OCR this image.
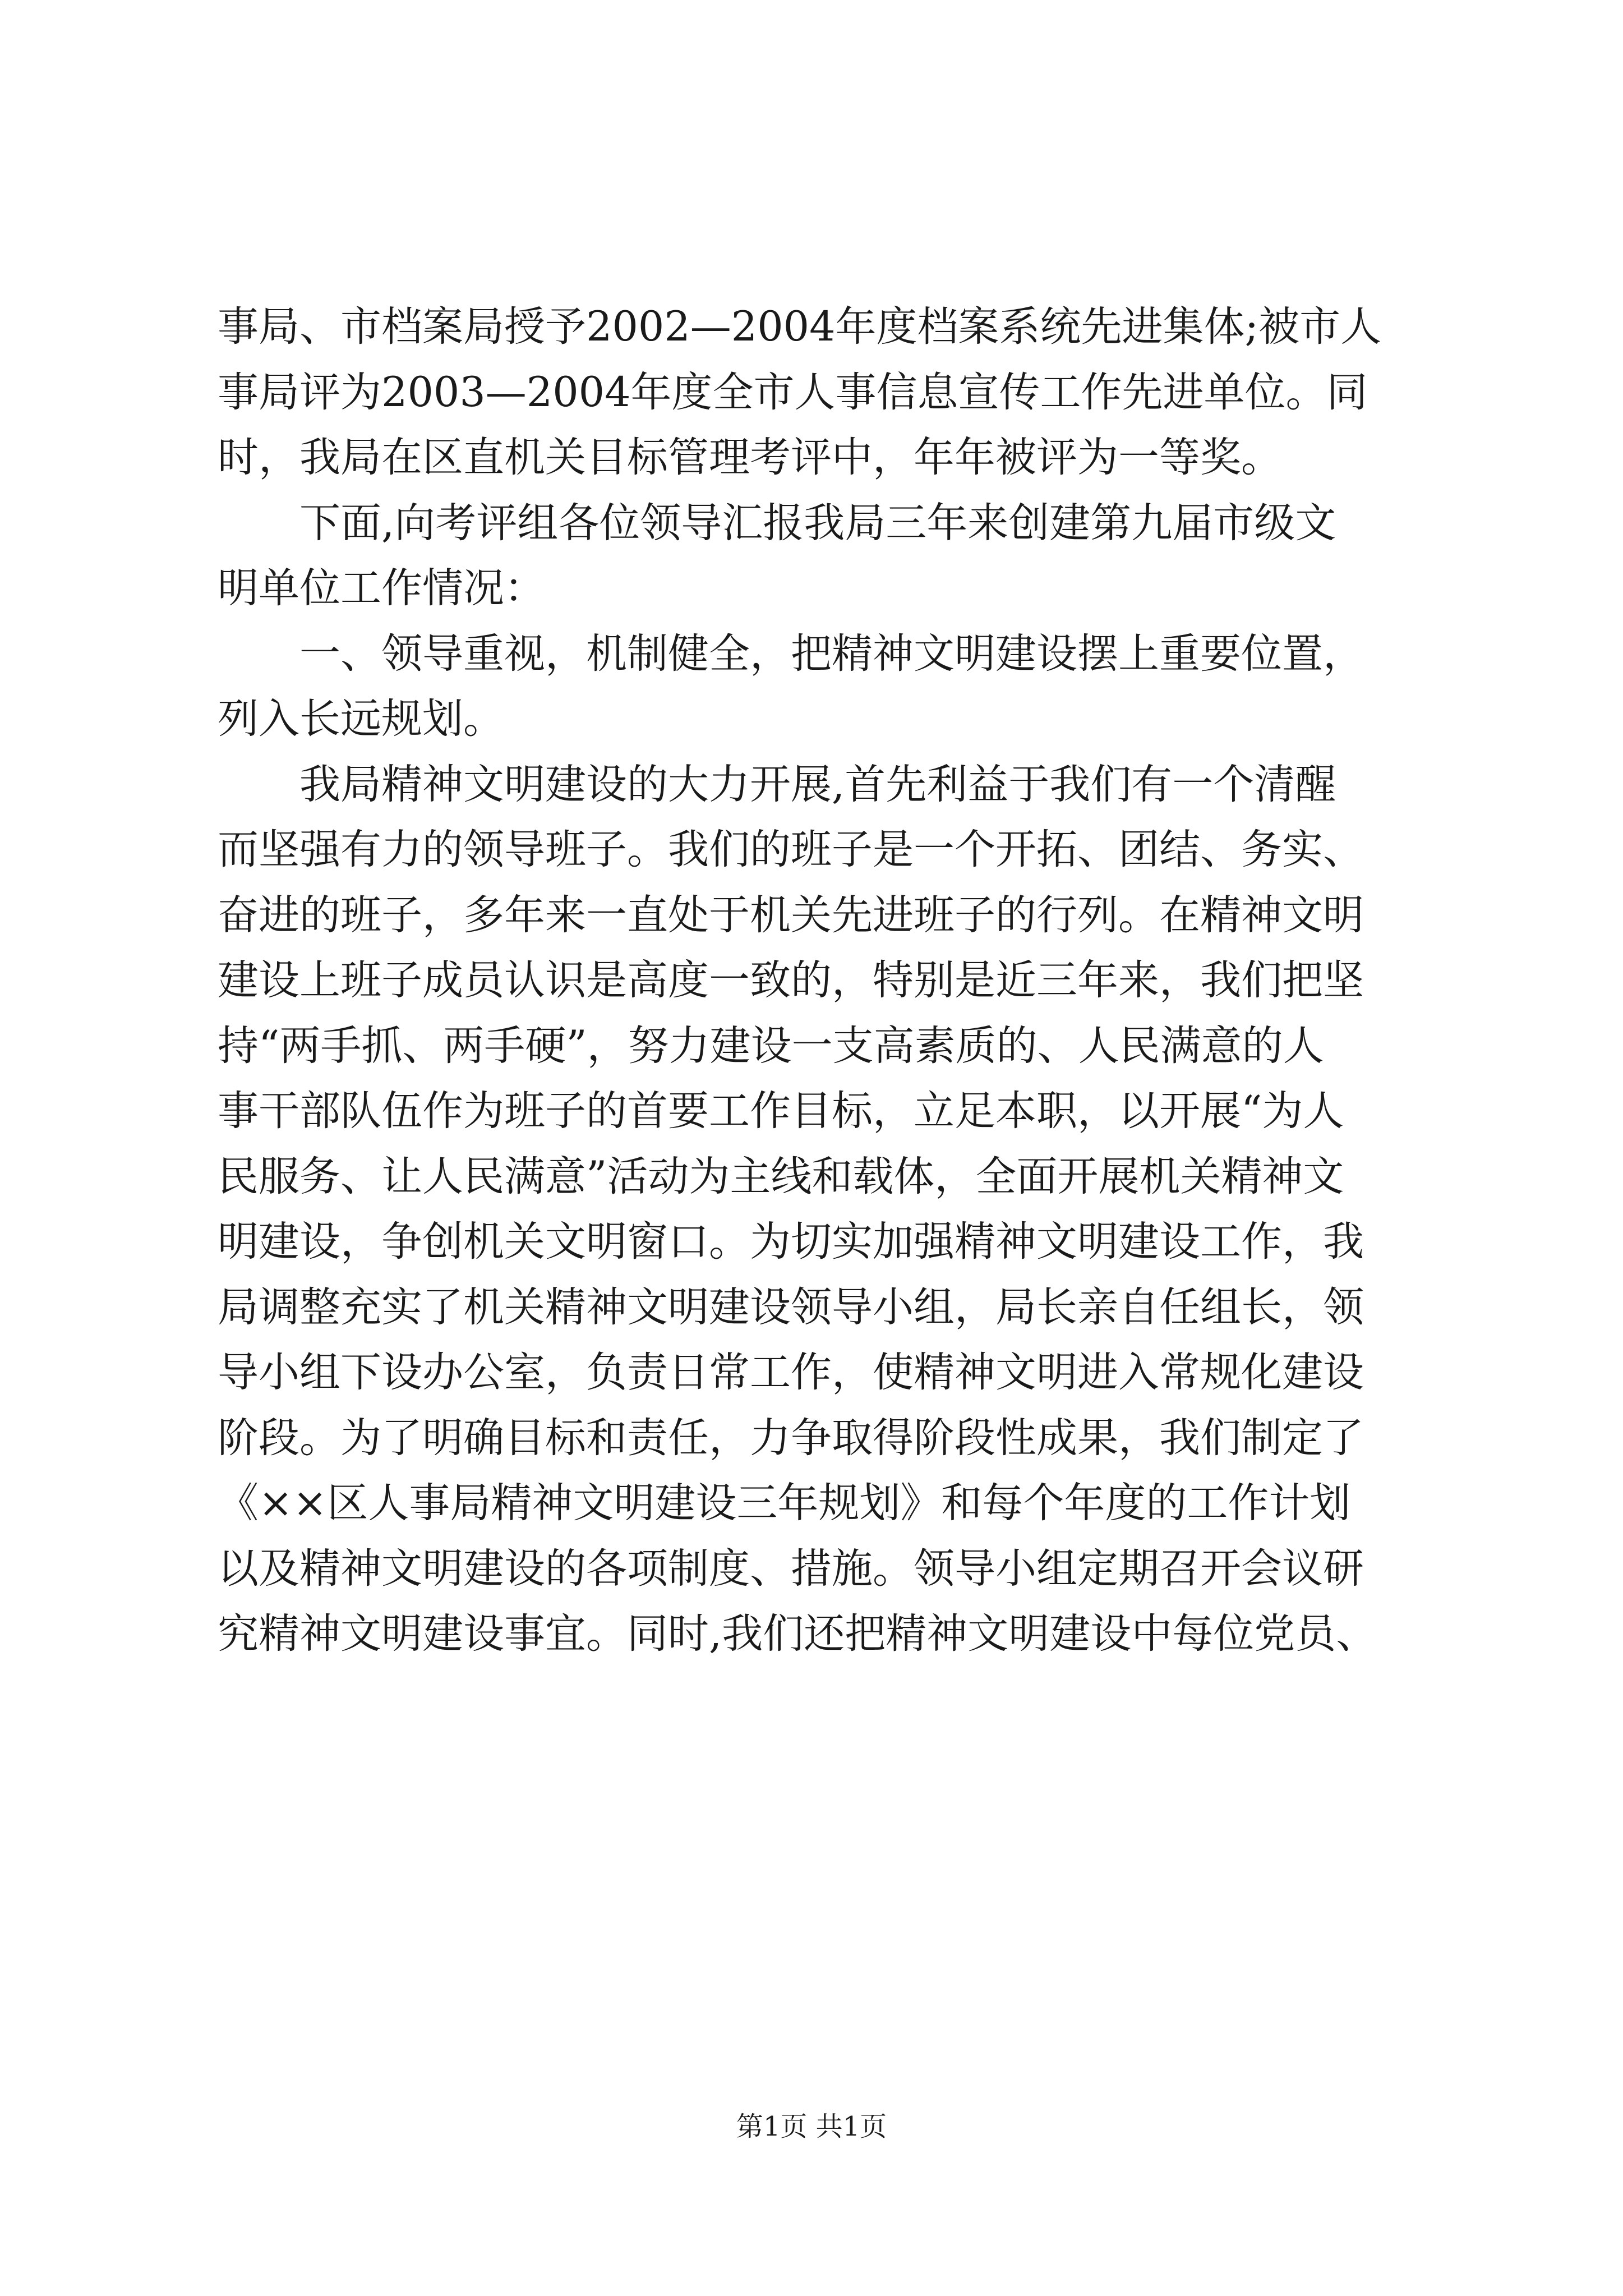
事局、市档案局授予2002—2004年度档案系统先进集体;被市人
事局评为2003—2004年度全市人事信息宣传工作先进单位。同
时，我局在区直机关目标管理考评中，年年被评为一等奖。
下面,向考评组各位领导汇报我局三年来创建第九届市级文
明单位工作情况：
一、领导重视，机制健全，把精神文明建设摆上重要位置，
列入长远规划。
我局精神文明建设的大力开展,首先利益于我们有一个清醒
而坚强有力的领导班子。我们的班子是一个开拓、团结、务实、
奋进的班子，多年来一直处于机关先进班子的行列。在精神文明
建设上班子成员认识是高度一致的，特别是近三年来，我们把坚
持“两手抓、两手硬”，努力建设一支高素质的、人民满意的人
事干部队伍作为班子的首要工作目标，立足本职，以开展“为人
民服务、让人民满意”活动为主线和载体，全面开展机关精神文
明建设，争创机关文明窗口。为切实加强精神文明建设工作，我
局调整充实了机关精神文明建设领导小组，局长亲自任组长，领
导小组下设办公室，负责日常工作，使精神文明进入常规化建设
阶段。为了明确目标和责任，力争取得阶段性成果，我们制定了
《××区人事局精神文明建设三年规划》和每个年度的工作计划
以及精神文明建设的各项制度、措施。领导小组定期召开会议研
究精神文明建设事宜。同时,我们还把精神文明建设中每位党员、
第1页 共1页
